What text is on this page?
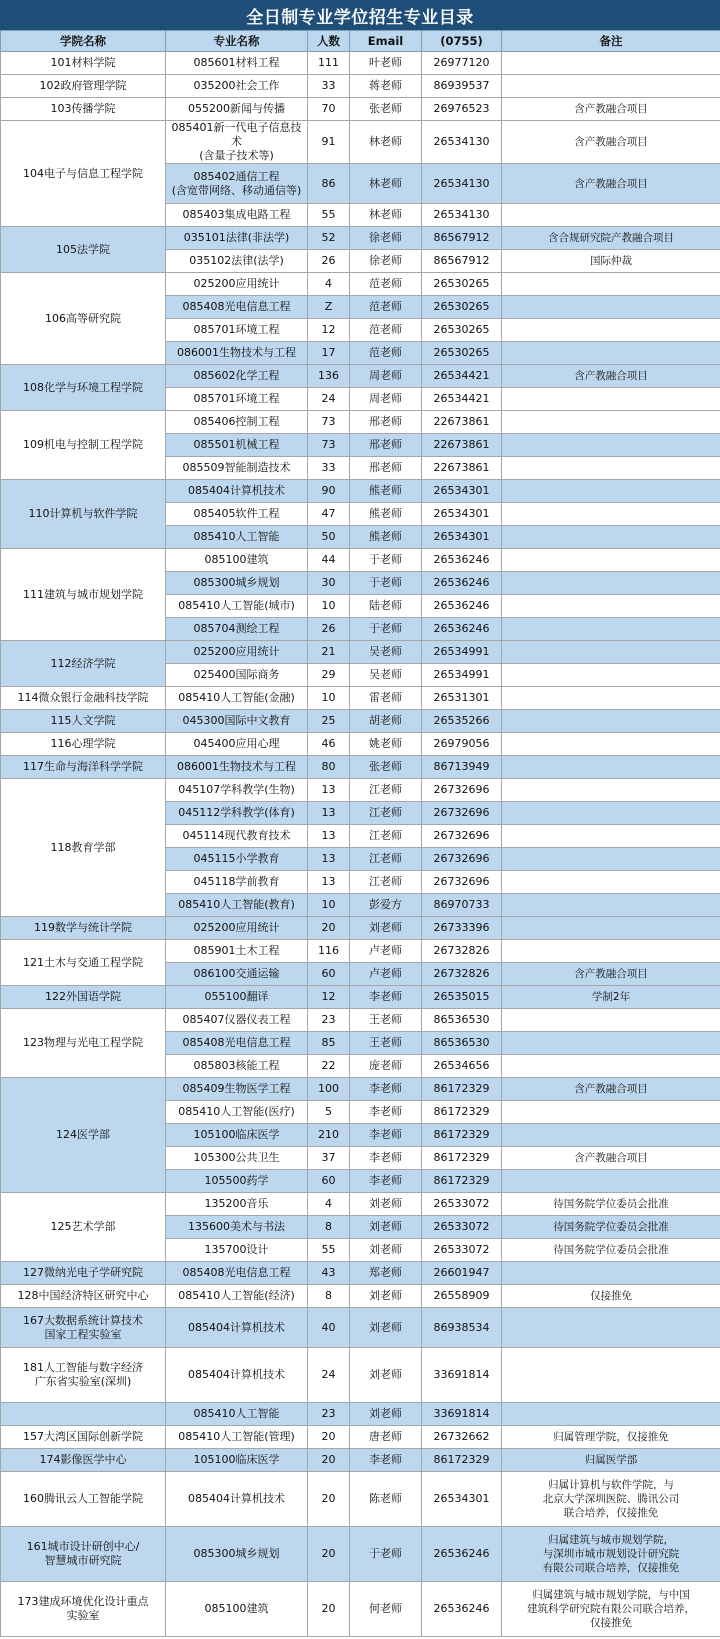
全日制专业学位招生专业目录
学院名称	专业名称	人数	Email	(0755)	备注
101材料学院	085601材料工程	111	叶老师	26977120	
102政府管理学院	035200社会工作	33	蒋老师	86939537	
103传播学院	055200新闻与传播	70	张老师	26976523	含产教融合项目
104电子与信息工程学院	085401新一代电子信息技术
(含量子技术等)	91	林老师	26534130	含产教融合项目
	085402通信工程
(含宽带网络、移动通信等)	86	林老师	26534130	含产教融合项目
	085403集成电路工程	55	林老师	26534130	
105法学院	035101法律(非法学)	52	徐老师	86567912	含合规研究院产教融合项目
	035102法律(法学)	26	徐老师	86567912	国际仲裁
106高等研究院	025200应用统计	4	范老师	26530265	
	085408光电信息工程	Z	范老师	26530265	
	085701环境工程	12	范老师	26530265	
	086001生物技术与工程	17	范老师	26530265	
108化学与环境工程学院	085602化学工程	136	周老师	26534421	含产教融合项目
	085701环境工程	24	周老师	26534421	
109机电与控制工程学院	085406控制工程	73	邢老师	22673861	
	085501机械工程	73	邢老师	22673861	
	085509智能制造技术	33	邢老师	22673861	
110计算机与软件学院	085404计算机技术	90	熊老师	26534301	
	085405软件工程	47	熊老师	26534301	
	085410人工智能	50	熊老师	26534301	
111建筑与城市规划学院	085100建筑	44	于老师	26536246	
	085300城乡规划	30	于老师	26536246	
	085410人工智能(城市)	10	陆老师	26536246	
	085704测绘工程	26	于老师	26536246	
112经济学院	025200应用统计	21	吴老师	26534991	
	025400国际商务	29	吴老师	26534991	
114微众银行金融科技学院	085410人工智能(金融)	10	雷老师	26531301	
115人文学院	045300国际中文教育	25	胡老师	26535266	
116心理学院	045400应用心理	46	姚老师	26979056	
117生命与海洋科学学院	086001生物技术与工程	80	张老师	86713949	
118教育学部	045107学科教学(生物)	13	江老师	26732696	
	045112学科教学(体育)	13	江老师	26732696	
	045114现代教育技术	13	江老师	26732696	
	045115小学教育	13	江老师	26732696	
	045118学前教育	13	江老师	26732696	
	085410人工智能(教育)	10	彭爱方	86970733	
119数学与统计学院	025200应用统计	20	刘老师	26733396	
121土木与交通工程学院	085901土木工程	116	卢老师	26732826	
	086100交通运输	60	卢老师	26732826	含产教融合项目
122外国语学院	055100翻译	12	李老师	26535015	学制2年
123物理与光电工程学院	085407仪器仪表工程	23	王老师	86536530	
	085408光电信息工程	85	王老师	86536530	
	085803核能工程	22	庞老师	26534656	
124医学部	085409生物医学工程	100	李老师	86172329	含产教融合项目
	085410人工智能(医疗)	5	李老师	86172329	
	105100临床医学	210	李老师	86172329	
	105300公共卫生	37	李老师	86172329	含产教融合项目
	105500药学	60	李老师	86172329	
125艺术学部	135200音乐	4	刘老师	26533072	待国务院学位委员会批准
	135600美术与书法	8	刘老师	26533072	待国务院学位委员会批准
	135700设计	55	刘老师	26533072	待国务院学位委员会批准
127微纳光电子学研究院	085408光电信息工程	43	郑老师	26601947	
128中国经济特区研究中心	085410人工智能(经济)	8	刘老师	26558909	仅接推免
167大数据系统计算技术
国家工程实验室	085404计算机技术	40	刘老师	86938534	
181人工智能与数字经济
广东省实验室(深圳)	085404计算机技术	24	刘老师	33691814	
	085410人工智能	23	刘老师	33691814	
157大湾区国际创新学院	085410人工智能(管理)	20	唐老师	26732662	归属管理学院，仅接推免
174影像医学中心	105100临床医学	20	李老师	86172329	归属医学部
160腾讯云人工智能学院	085404计算机技术	20	陈老师	26534301	归属计算机与软件学院，与
北京大学深圳医院、腾讯公司
联合培养，仅接推免
161城市设计研创中心/
智慧城市研究院	085300城乡规划	20	于老师	26536246	归属建筑与城市规划学院，
与深圳市城市规划设计研究院
有限公司联合培养，仅接推免
173建成环境优化设计重点
实验室	085100建筑	20	何老师	26536246	归属建筑与城市规划学院，与中国
建筑科学研究院有限公司联合培养，
仅接推免
